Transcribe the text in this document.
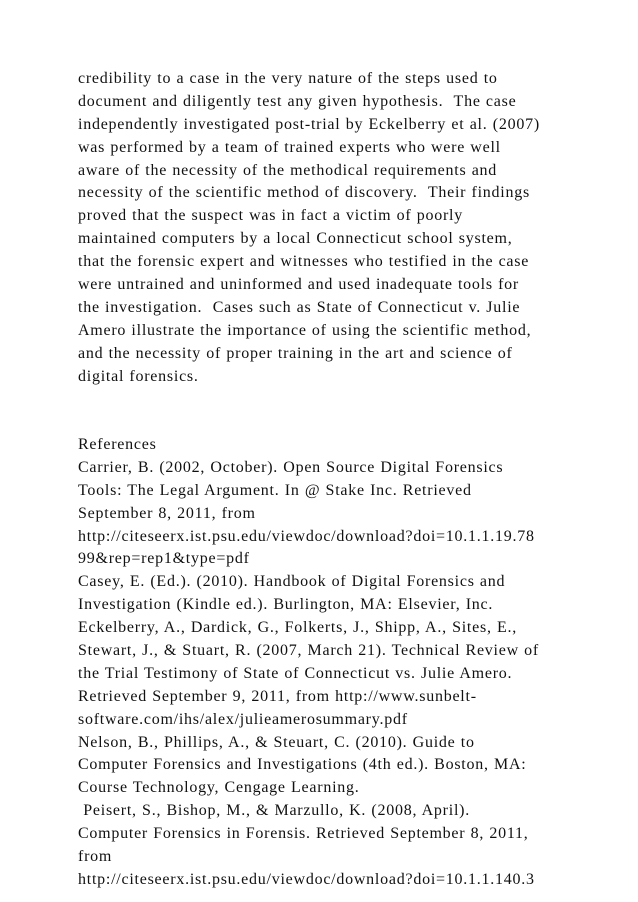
credibility to a case in the very nature of the steps used to
document and diligently test any given hypothesis.  The case
independently investigated post-trial by Eckelberry et al. (2007)
was performed by a team of trained experts who were well
aware of the necessity of the methodical requirements and
necessity of the scientific method of discovery.  Their findings
proved that the suspect was in fact a victim of poorly
maintained computers by a local Connecticut school system,
that the forensic expert and witnesses who testified in the case
were untrained and uninformed and used inadequate tools for
the investigation.  Cases such as State of Connecticut v. Julie
Amero illustrate the importance of using the scientific method,
and the necessity of proper training in the art and science of
digital forensics.
References
Carrier, B. (2002, October). Open Source Digital Forensics
Tools: The Legal Argument. In @ Stake Inc. Retrieved
September 8, 2011, from
http://citeseerx.ist.psu.edu/viewdoc/download?doi=10.1.1.19.78
99&rep=rep1&type=pdf
Casey, E. (Ed.). (2010). Handbook of Digital Forensics and
Investigation (Kindle ed.). Burlington, MA: Elsevier, Inc.
Eckelberry, A., Dardick, G., Folkerts, J., Shipp, A., Sites, E.,
Stewart, J., & Stuart, R. (2007, March 21). Technical Review of
the Trial Testimony of State of Connecticut vs. Julie Amero.
Retrieved September 9, 2011, from http://www.sunbelt-
software.com/ihs/alex/julieamerosummary.pdf
Nelson, B., Phillips, A., & Steuart, C. (2010). Guide to
Computer Forensics and Investigations (4th ed.). Boston, MA:
Course Technology, Cengage Learning.
Peisert, S., Bishop, M., & Marzullo, K. (2008, April).
Computer Forensics in Forensis. Retrieved September 8, 2011,
from
http://citeseerx.ist.psu.edu/viewdoc/download?doi=10.1.1.140.3
